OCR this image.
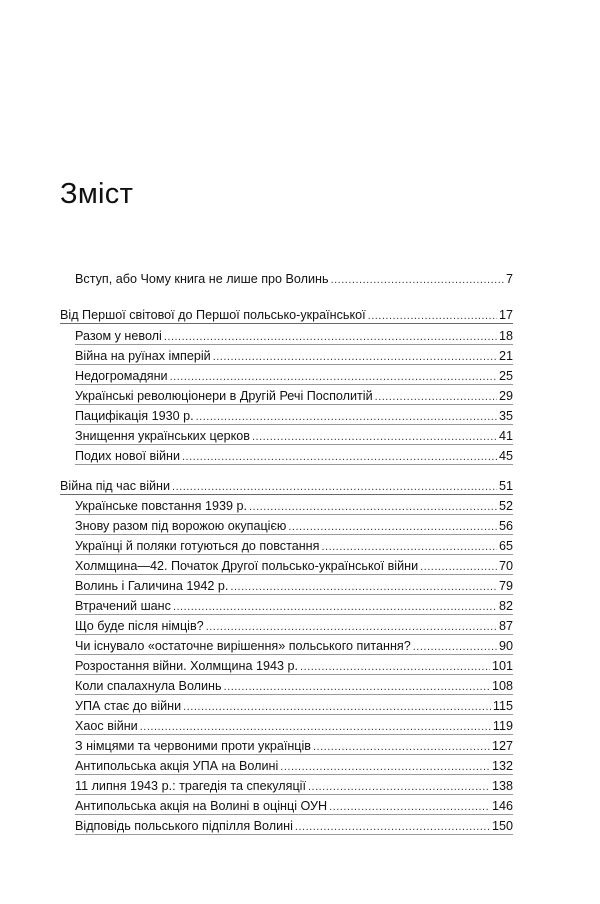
Зміст
Вступ, або Чому книга не лише про Волинь .....	7
Від Першої світової до Першої польсько-української .....	17
Разом у неволі .....	18
Війна на руїнах імперій .....	21
Недогромадяни .....	25
Українські революціонери в Другій Речі Посполитій .....	29
Пацифікація 1930 р. .....	35
Знищення українських церков .....	41
Подих нової війни .....	45
Війна під час війни .....	51
Українське повстання 1939 р. .....	52
Знову разом під ворожою окупацією .....	56
Українці й поляки готуються до повстання .....	65
Холмщина—42. Початок Другої польсько-української війни .....	70
Волинь і Галичина 1942 р. .....	79
Втрачений шанс .....	82
Що буде після німців? .....	87
Чи існувало «остаточне вирішення» польського питання? .....	90
Розростання війни. Холмщина 1943 р. .....	101
Коли спалахнула Волинь .....	108
УПА стає до війни .....	115
Хаос війни .....	119
З німцями та червоними проти українців .....	127
Антипольська акція УПА на Волині .....	132
11 липня 1943 р.: трагедія та спекуляції .....	138
Антипольська акція на Волині в оцінці ОУН .....	146
Відповідь польського підпілля Волині .....	150
